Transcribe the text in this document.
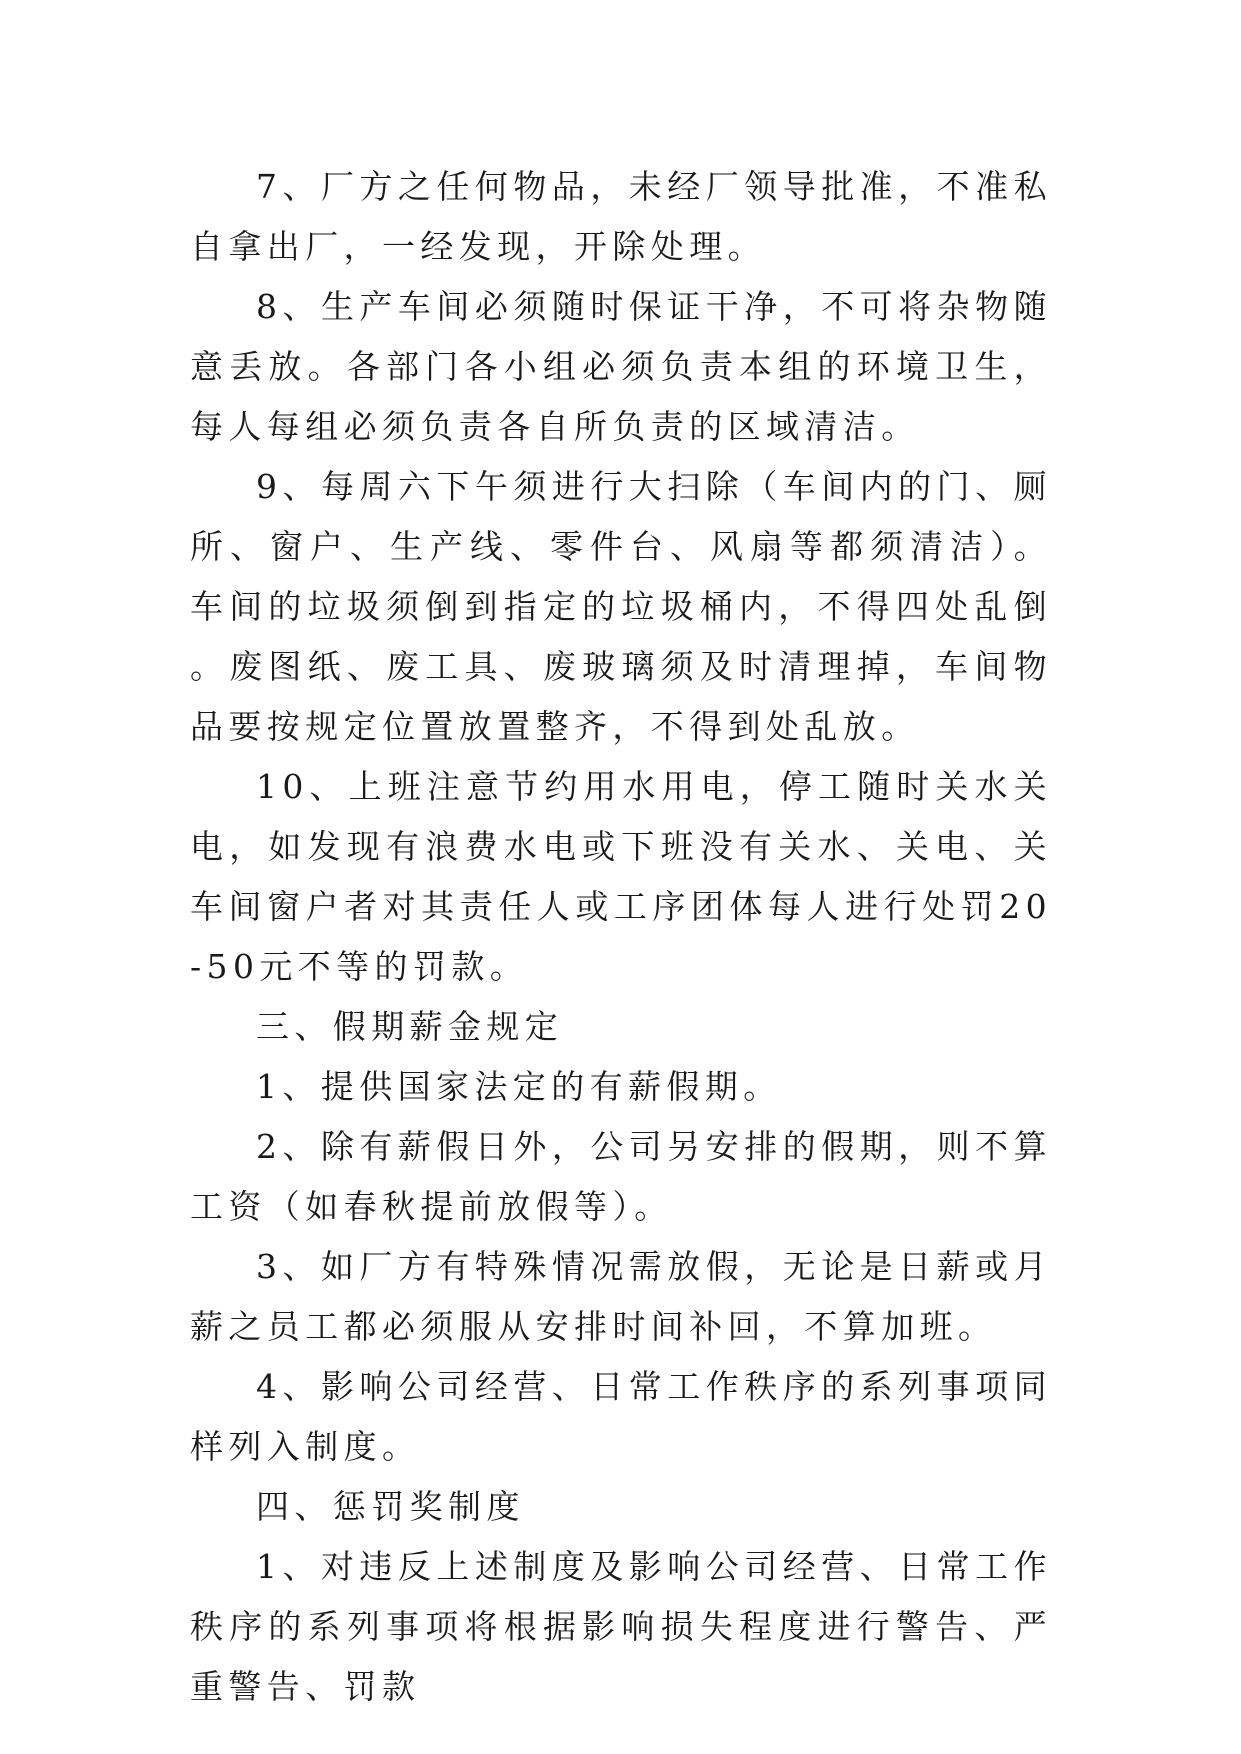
7、厂方之任何物品，未经厂领导批准，不准私自拿出厂，一经发现，开除处理。

8、生产车间必须随时保证干净，不可将杂物随意丢放。各部门各小组必须负责本组的环境卫生，每人每组必须负责各自所负责的区域清洁。

9、每周六下午须进行大扫除（车间内的门、厕所、窗户、生产线、零件台、风扇等都须清洁）。车间的垃圾须倒到指定的垃圾桶内，不得四处乱倒。废图纸、废工具、废玻璃须及时清理掉，车间物品要按规定位置放置整齐，不得到处乱放。

10、上班注意节约用水用电，停工随时关水关电，如发现有浪费水电或下班没有关水、关电、关车间窗户者对其责任人或工序团体每人进行处罚20-50元不等的罚款。

三、假期薪金规定

1、提供国家法定的有薪假期。

2、除有薪假日外，公司另安排的假期，则不算工资（如春秋提前放假等）。

3、如厂方有特殊情况需放假，无论是日薪或月薪之员工都必须服从安排时间补回，不算加班。

4、影响公司经营、日常工作秩序的系列事项同样列入制度。

四、惩罚奖制度

1、对违反上述制度及影响公司经营、日常工作秩序的系列事项将根据影响损失程度进行警告、严重警告、罚款
